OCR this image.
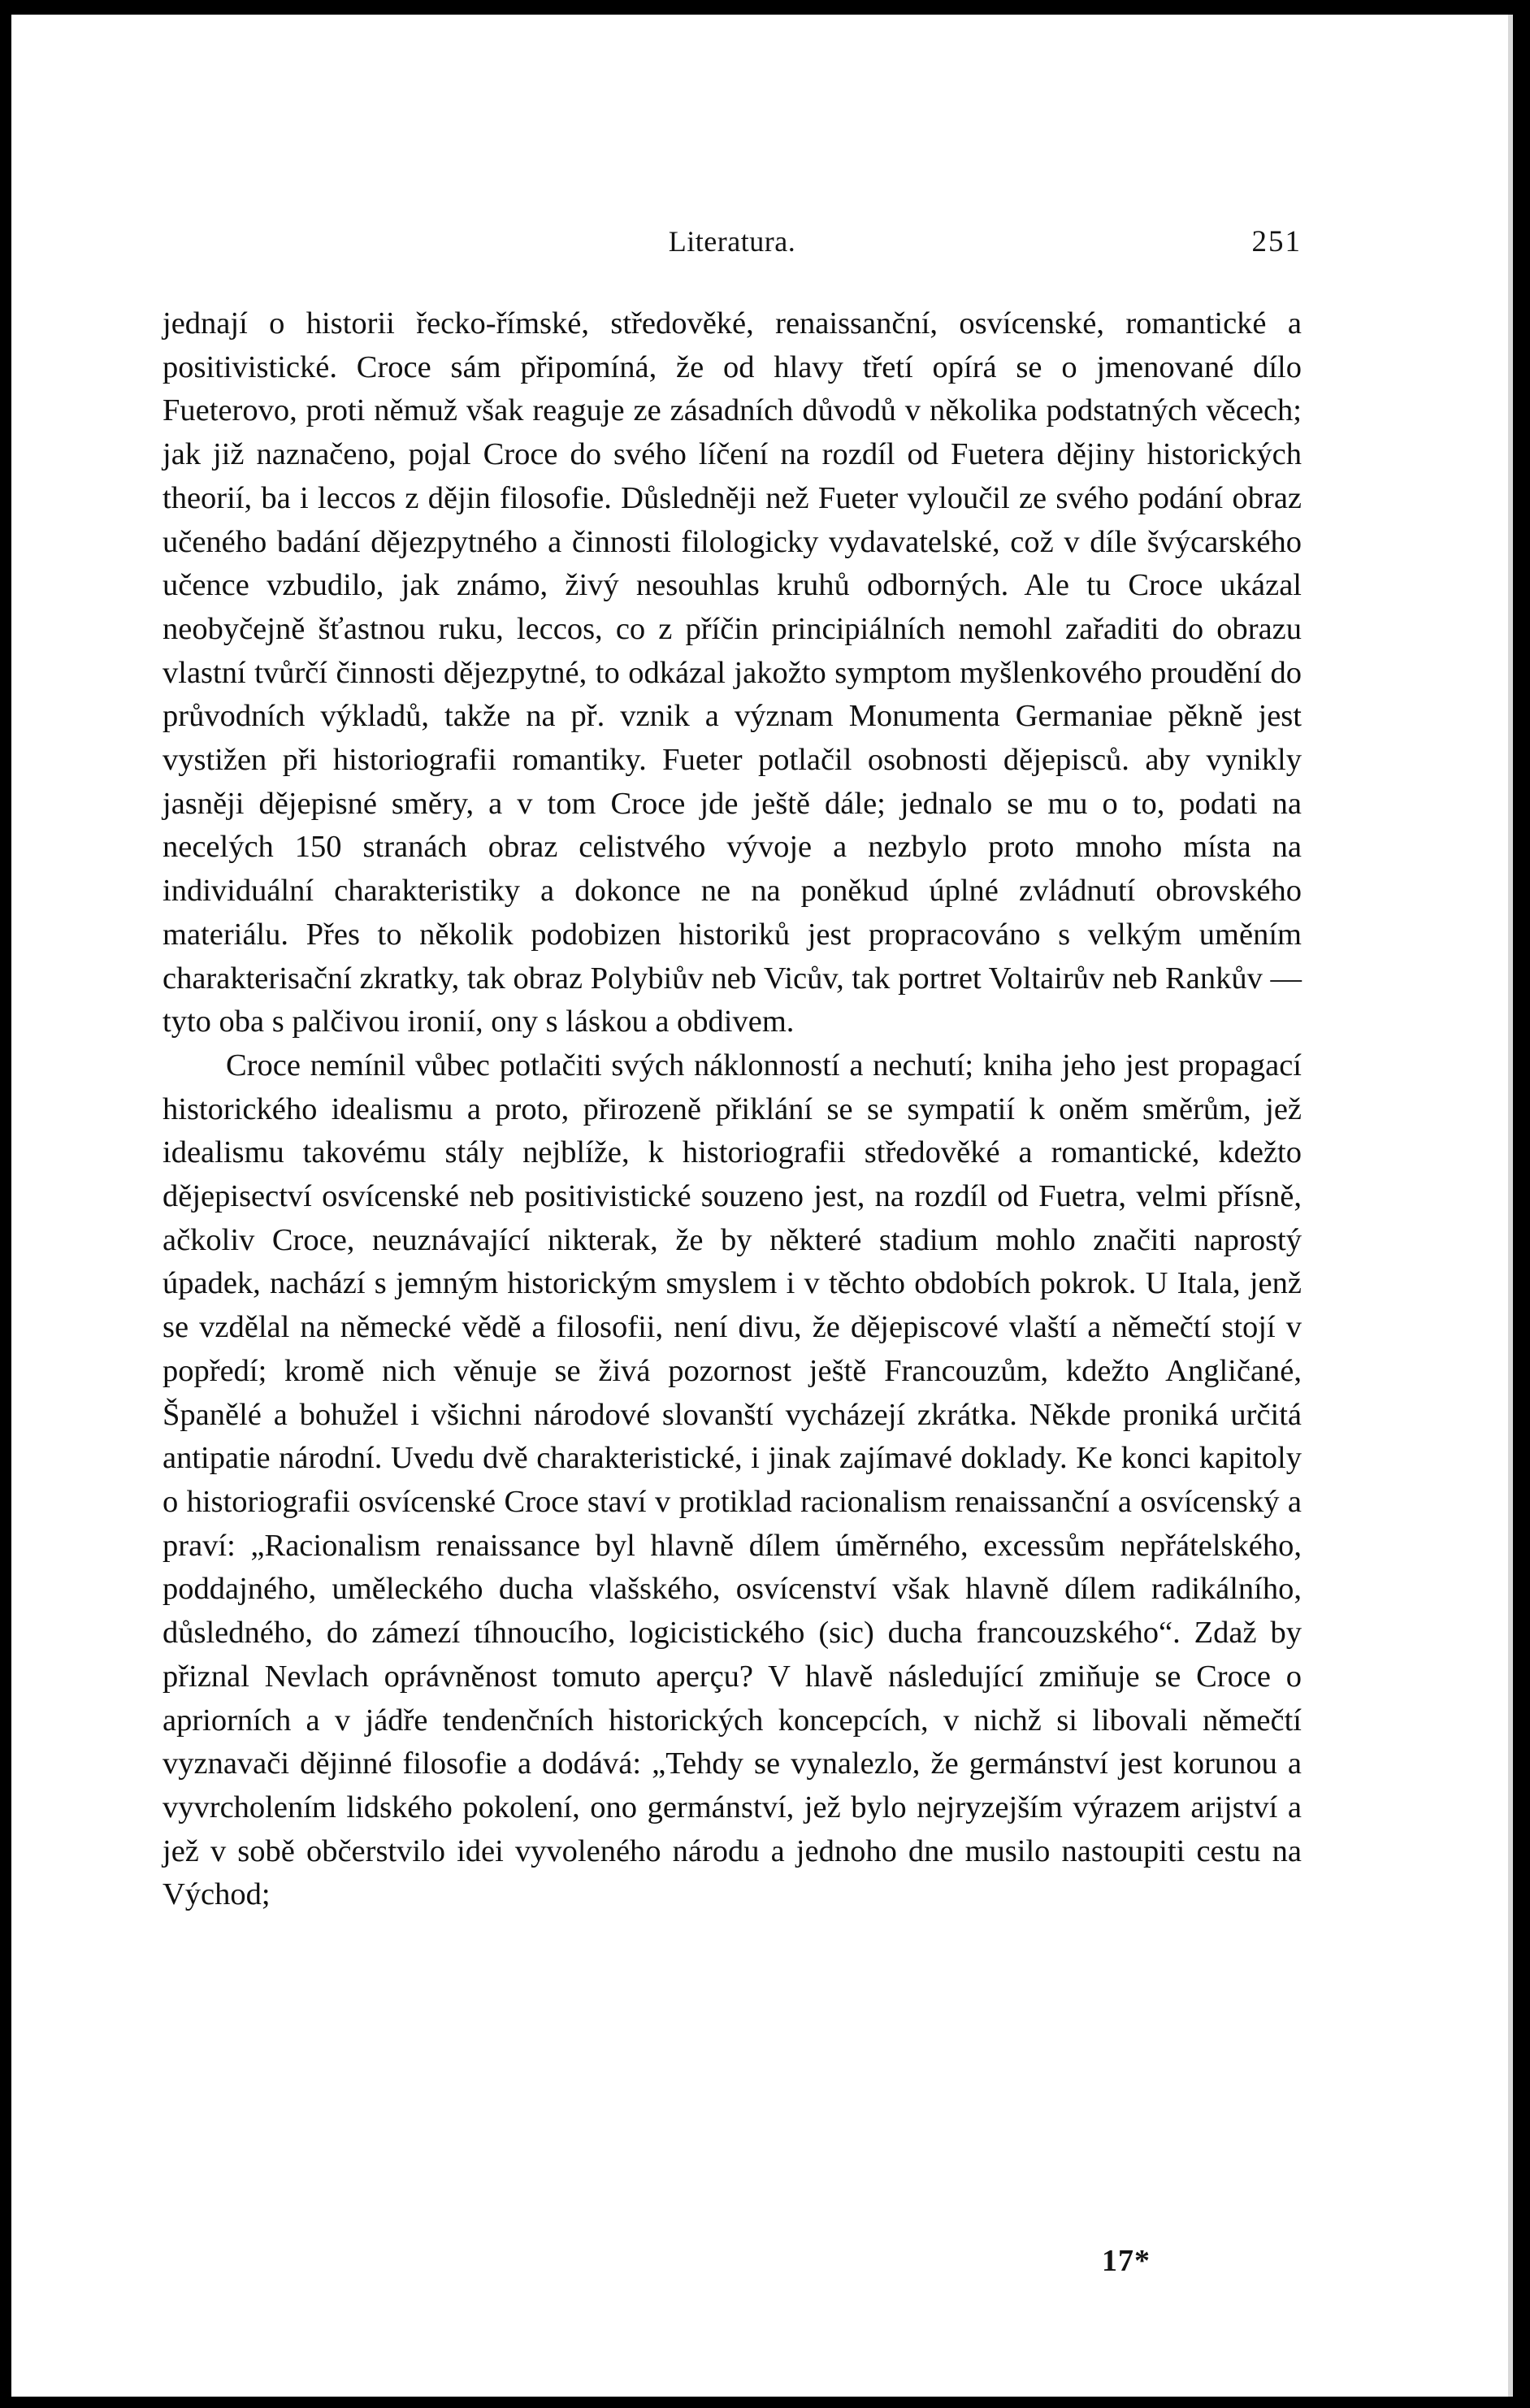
Literatura.	251

jednají o historii řecko-římské, středověké, renaissanční, osvícenské, romantické a positivistické. Croce sám připomíná, že od hlavy třetí opírá se o jmenované dílo Fueterovo, proti němuž však reaguje ze zásadních důvodů v několika podstatných věcech; jak již naznačeno, pojal Croce do svého líčení na rozdíl od Fuetera dějiny historických theorií, ba i leccos z dějin filosofie. Důsledněji než Fueter vyloučil ze svého podání obraz učeného badání dějezpytného a činnosti filologicky vydavatelské, což v díle švýcarského učence vzbudilo, jak známo, živý nesouhlas kruhů odborných. Ale tu Croce ukázal neobyčejně šťastnou ruku, leccos, co z příčin principiálních nemohl zařaditi do obrazu vlastní tvůrčí činnosti dějezpytné, to odkázal jakožto symptom myšlenkového proudění do průvodních výkladů, takže na př. vznik a význam Monumenta Germaniae pěkně jest vystižen při historiografii romantiky. Fueter potlačil osobnosti dějepisců. aby vynikly jasněji dějepisné směry, a v tom Croce jde ještě dále; jednalo se mu o to, podati na necelých 150 stranách obraz celistvého vývoje a nezbylo proto mnoho místa na individuální charakteristiky a dokonce ne na poněkud úplné zvládnutí obrovského materiálu. Přes to několik podobizen historiků jest propracováno s velkým uměním charakterisační zkratky, tak obraz Polybiův neb Vicův, tak portret Voltairův neb Rankův — tyto oba s palčivou ironií, ony s láskou a obdivem.

Croce nemínil vůbec potlačiti svých náklonností a nechutí; kniha jeho jest propagací historického idealismu a proto, přirozeně přiklání se se sympatií k oněm směrům, jež idealismu takovému stály nejblíže, k historiografii středověké a romantické, kdežto dějepisectví osvícenské neb positivistické souzeno jest, na rozdíl od Fuetra, velmi přísně, ačkoliv Croce, neuznávající nikterak, že by některé stadium mohlo značiti naprostý úpadek, nachází s jemným historickým smyslem i v těchto obdobích pokrok. U Itala, jenž se vzdělal na německé vědě a filosofii, není divu, že dějepiscové vlaští a němečtí stojí v popředí; kromě nich věnuje se živá pozornost ještě Francouzům, kdežto Angličané, Španělé a bohužel i všichni národové slovanští vycházejí zkrátka. Někde proniká určitá antipatie národní. Uvedu dvě charakteristické, i jinak zajímavé doklady. Ke konci kapitoly o historiografii osvícenské Croce staví v protiklad racionalism renaissanční a osvícenský a praví: „Racionalism renaissance byl hlavně dílem úměrného, excessům nepřátelského, poddajného, uměleckého ducha vlašského, osvícenství však hlavně dílem radikálního, důsledného, do zámezí tíhnoucího, logicistického (sic) ducha francouzského“. Zdaž by přiznal Nevlach oprávněnost tomuto aperçu? V hlavě následující zmiňuje se Croce o apriorních a v jádře tendenčních historických koncepcích, v nichž si libovali němečtí vyznavači dějinné filosofie a dodává: „Tehdy se vynalezlo, že germánství jest korunou a vyvrcholením lidského pokolení, ono germánství, jež bylo nejryzejším výrazem arijství a jež v sobě občerstvilo idei vyvoleného národu a jednoho dne musilo nastoupiti cestu na Východ;

17*
